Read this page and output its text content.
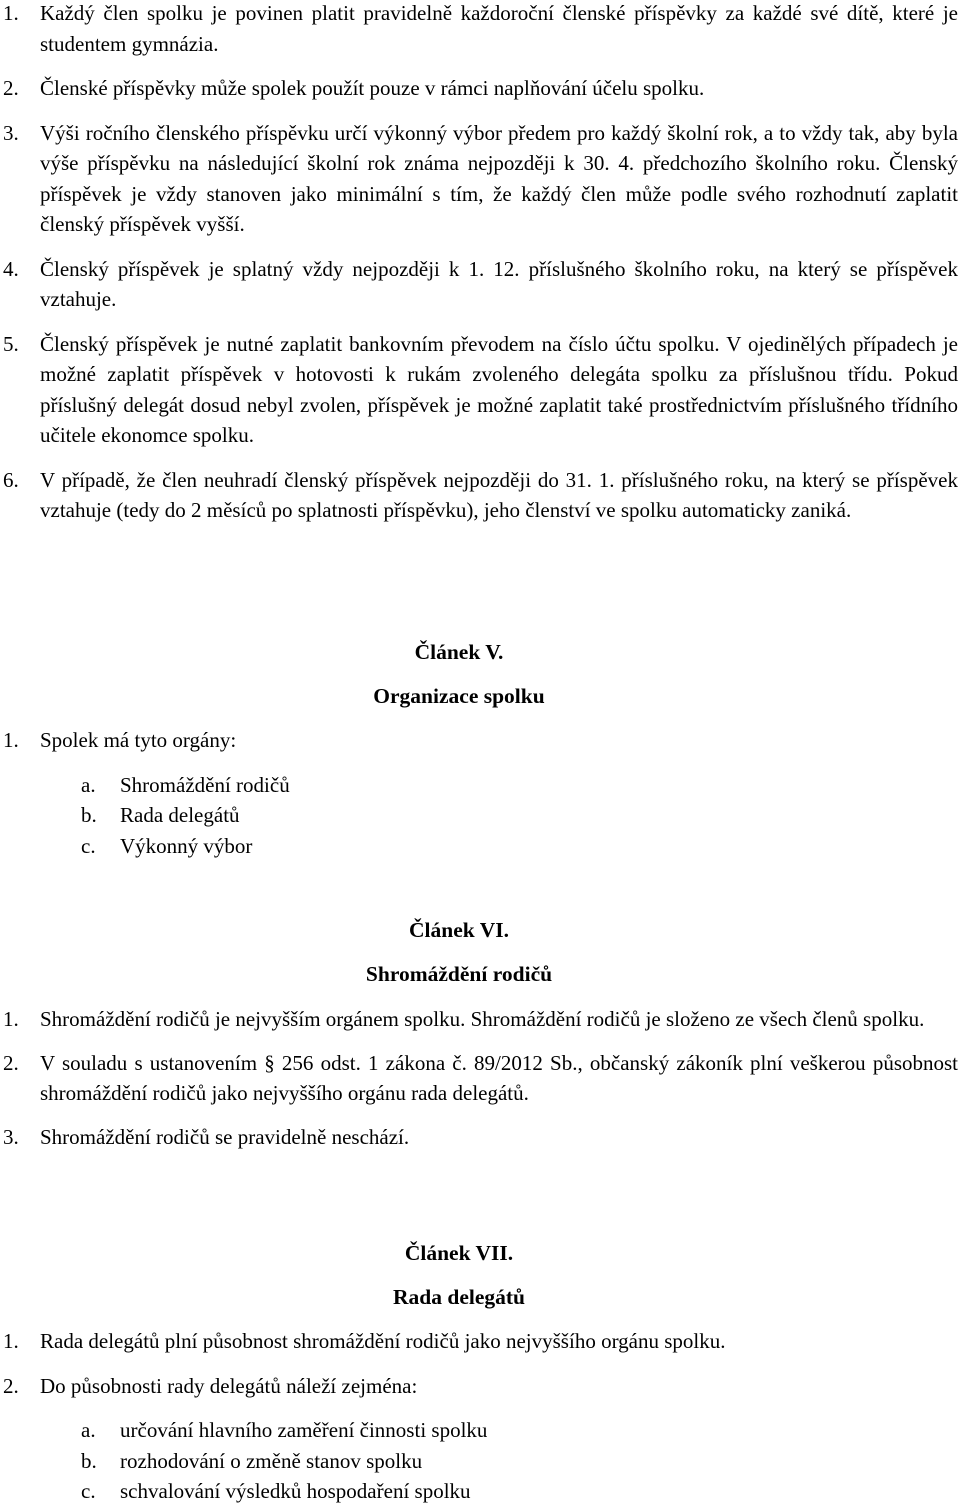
1. Každý člen spolku je povinen platit pravidelně každoroční členské příspěvky za každé své dítě, které je studentem gymnázia.
2. Členské příspěvky může spolek použít pouze v rámci naplňování účelu spolku.
3. Výši ročního členského příspěvku určí výkonný výbor předem pro každý školní rok, a to vždy tak, aby byla výše příspěvku na následující školní rok známa nejpozději k 30. 4. předchozího školního roku. Členský příspěvek je vždy stanoven jako minimální s tím, že každý člen může podle svého rozhodnutí zaplatit členský příspěvek vyšší.
4. Členský příspěvek je splatný vždy nejpozději k 1. 12. příslušného školního roku, na který se příspěvek vztahuje.
5. Členský příspěvek je nutné zaplatit bankovním převodem na číslo účtu spolku. V ojedinělých případech je možné zaplatit příspěvek v hotovosti k rukám zvoleného delegáta spolku za příslušnou třídu. Pokud příslušný delegát dosud nebyl zvolen, příspěvek je možné zaplatit také prostřednictvím příslušného třídního učitele ekonomce spolku.
6. V případě, že člen neuhradí členský příspěvek nejpozději do 31. 1. příslušného roku, na který se příspěvek vztahuje (tedy do 2 měsíců po splatnosti příspěvku), jeho členství ve spolku automaticky zaniká.
Článek V.
Organizace spolku
1. Spolek má tyto orgány:
a. Shromáždění rodičů
b. Rada delegátů
c. Výkonný výbor
Článek VI.
Shromáždění rodičů
1. Shromáždění rodičů je nejvyšším orgánem spolku. Shromáždění rodičů je složeno ze všech členů spolku.
2. V souladu s ustanovením § 256 odst. 1 zákona č. 89/2012 Sb., občanský zákoník plní veškerou působnost shromáždění rodičů jako nejvyššího orgánu rada delegátů.
3. Shromáždění rodičů se pravidelně neschází.
Článek VII.
Rada delegátů
1. Rada delegátů plní působnost shromáždění rodičů jako nejvyššího orgánu spolku.
2. Do působnosti rady delegátů náleží zejména:
a. určování hlavního zaměření činnosti spolku
b. rozhodování o změně stanov spolku
c. schvalování výsledků hospodaření spolku
